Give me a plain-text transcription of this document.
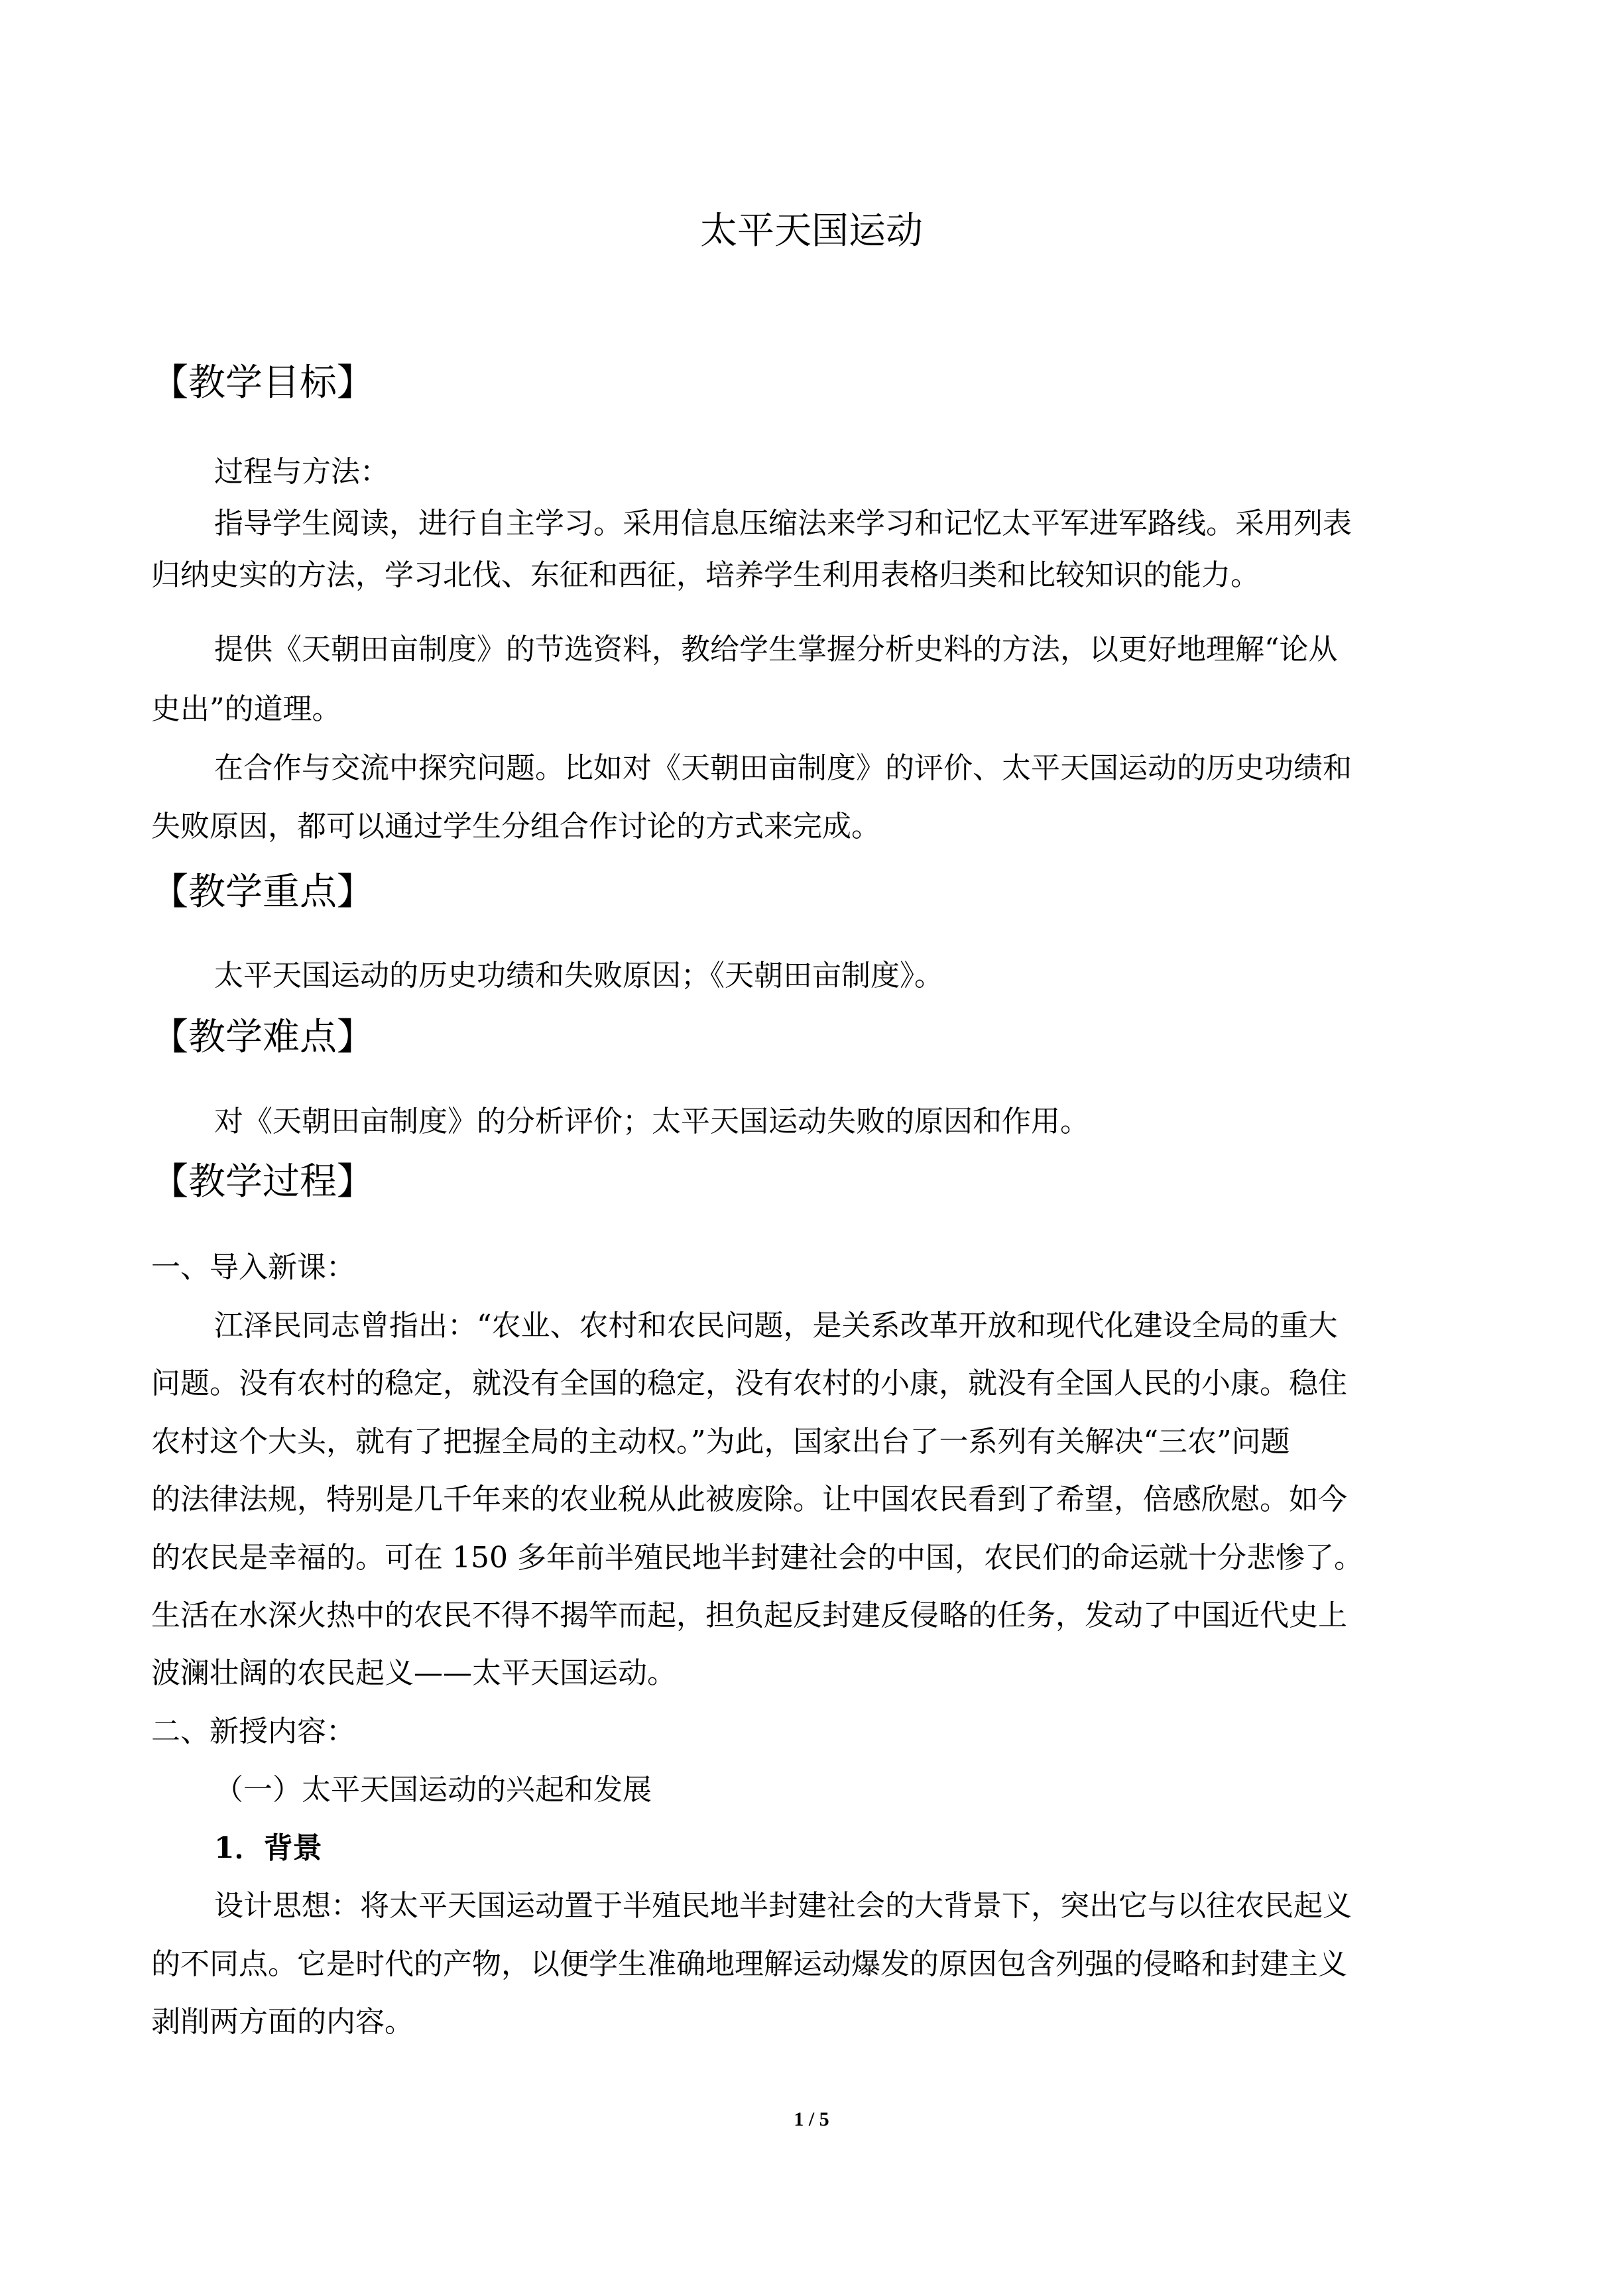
太平天国运动
【教学目标】
过程与方法：
指导学生阅读，进行自主学习。采用信息压缩法来学习和记忆太平军进军路线。采用列表
归纳史实的方法，学习北伐、东征和西征，培养学生利用表格归类和比较知识的能力。
提供《天朝田亩制度》的节选资料，教给学生掌握分析史料的方法，以更好地理解“论从
史出”的道理。
在合作与交流中探究问题。比如对《天朝田亩制度》的评价、太平天国运动的历史功绩和
失败原因，都可以通过学生分组合作讨论的方式来完成。
【教学重点】
太平天国运动的历史功绩和失败原因；《天朝田亩制度》。
【教学难点】
对《天朝田亩制度》的分析评价；太平天国运动失败的原因和作用。
【教学过程】
一、导入新课：
江泽民同志曾指出：“农业、农村和农民问题，是关系改革开放和现代化建设全局的重大
问题。没有农村的稳定，就没有全国的稳定，没有农村的小康，就没有全国人民的小康。稳住
农村这个大头，就有了把握全局的主动权。”为此，国家出台了一系列有关解决“三农”问题
的法律法规，特别是几千年来的农业税从此被废除。让中国农民看到了希望，倍感欣慰。如今
的农民是幸福的。可在 150 多年前半殖民地半封建社会的中国，农民们的命运就十分悲惨了。
生活在水深火热中的农民不得不揭竿而起，担负起反封建反侵略的任务，发动了中国近代史上
波澜壮阔的农民起义——太平天国运动。
二、新授内容：
（一）太平天国运动的兴起和发展
1．背景
设计思想：将太平天国运动置于半殖民地半封建社会的大背景下，突出它与以往农民起义
的不同点。它是时代的产物，以便学生准确地理解运动爆发的原因包含列强的侵略和封建主义
剥削两方面的内容。
1 / 5
